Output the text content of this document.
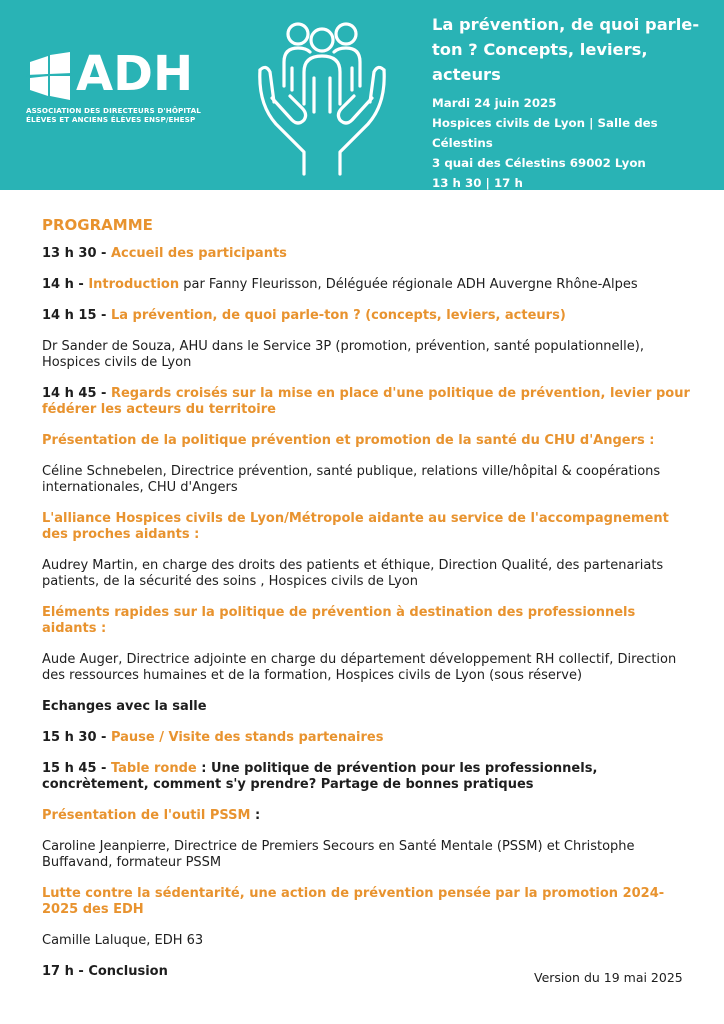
ADH
ASSOCIATION DES DIRECTEURS D'HÔPITAL
ÉLÈVES ET ANCIENS ÉLÈVES ENSP/EHESP
La prévention, de quoi parle-ton ? Concepts, leviers, acteurs
Mardi 24 juin 2025
Hospices civils de Lyon | Salle des Célestins
3 quai des Célestins 69002 Lyon
13 h 30 | 17 h
PROGRAMME
13 h 30 - Accueil des participants
14 h - Introduction par Fanny Fleurisson, Déléguée régionale ADH Auvergne Rhône-Alpes
14 h 15 - La prévention, de quoi parle-ton ? (concepts, leviers, acteurs)
Dr Sander de Souza, AHU dans le Service 3P (promotion, prévention, santé populationnelle), Hospices civils de Lyon
14 h 45 - Regards croisés sur la mise en place d'une politique de prévention, levier pour fédérer les acteurs du territoire
Présentation de la politique prévention et promotion de la santé du CHU d'Angers :
Céline Schnebelen, Directrice prévention, santé publique, relations ville/hôpital & coopérations internationales, CHU d'Angers
L'alliance Hospices civils de Lyon/Métropole aidante au service de l'accompagnement des proches aidants :
Audrey Martin, en charge des droits des patients et éthique, Direction Qualité, des partenariats patients, de la sécurité des soins , Hospices civils de Lyon
Eléments rapides sur la politique de prévention à destination des professionnels aidants :
Aude Auger, Directrice adjointe en charge du département développement RH collectif, Direction des ressources humaines et de la formation, Hospices civils de Lyon (sous réserve)
Echanges avec la salle
15 h 30 - Pause / Visite des stands partenaires
15 h 45 - Table ronde : Une politique de prévention pour les professionnels, concrètement, comment s'y prendre? Partage de bonnes pratiques
Présentation de l'outil PSSM :
Caroline Jeanpierre, Directrice de Premiers Secours en Santé Mentale (PSSM) et Christophe Buffavand, formateur PSSM
Lutte contre la sédentarité, une action de prévention pensée par la promotion 2024-2025 des EDH
Camille Laluque, EDH 63
17 h - Conclusion	Version du 19 mai 2025
